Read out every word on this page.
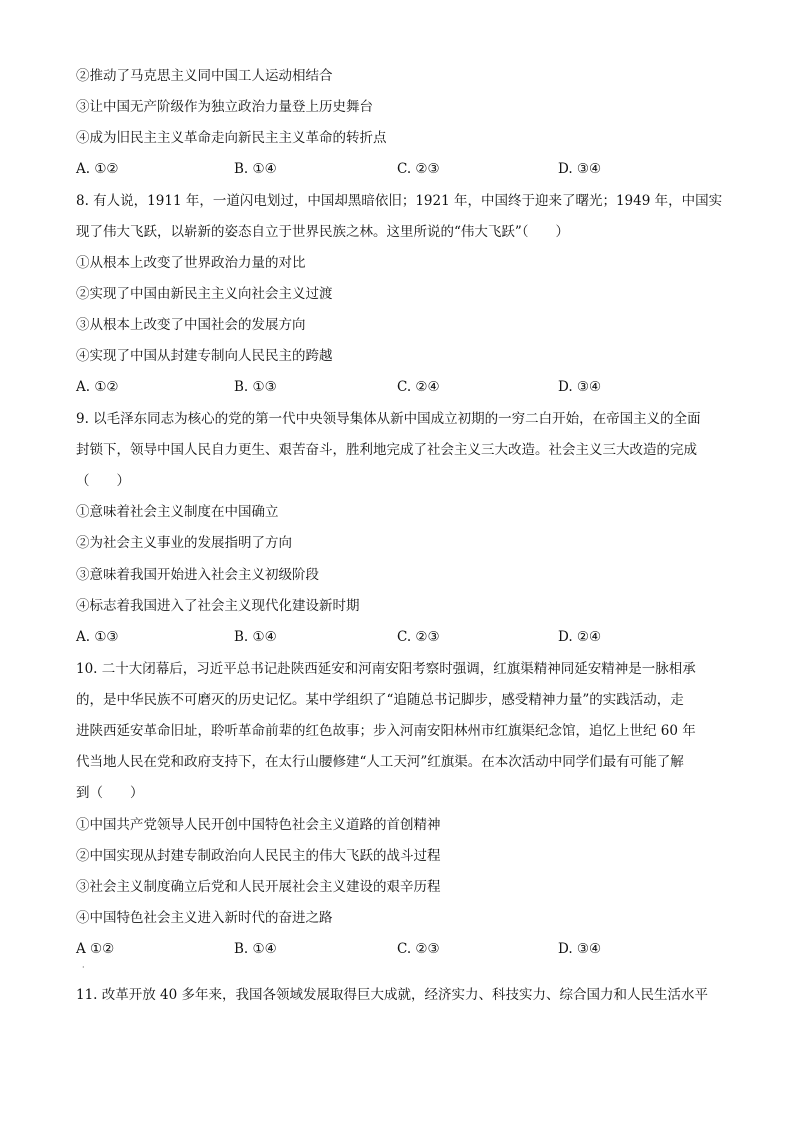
②推动了马克思主义同中国工人运动相结合
③让中国无产阶级作为独立政治力量登上历史舞台
④成为旧民主主义革命走向新民主主义革命的转折点
A. ①②	B. ①④	C. ②③	D. ③④
8. 有人说，1911 年，一道闪电划过，中国却黑暗依旧；1921 年，中国终于迎来了曙光；1949 年，中国实
现了伟大飞跃，以崭新的姿态自立于世界民族之林。这里所说的“伟大飞跃”（　　）
①从根本上改变了世界政治力量的对比
②实现了中国由新民主主义向社会主义过渡
③从根本上改变了中国社会的发展方向
④实现了中国从封建专制向人民民主的跨越
A. ①②	B. ①③	C. ②④	D. ③④
9. 以毛泽东同志为核心的党的第一代中央领导集体从新中国成立初期的一穷二白开始，在帝国主义的全面
封锁下，领导中国人民自力更生、艰苦奋斗，胜利地完成了社会主义三大改造。社会主义三大改造的完成
（　　）
①意味着社会主义制度在中国确立
②为社会主义事业的发展指明了方向
③意味着我国开始进入社会主义初级阶段
④标志着我国进入了社会主义现代化建设新时期
A. ①③	B. ①④	C. ②③	D. ②④
10. 二十大闭幕后，习近平总书记赴陕西延安和河南安阳考察时强调，红旗渠精神同延安精神是一脉相承
的，是中华民族不可磨灭的历史记忆。某中学组织了“追随总书记脚步，感受精神力量”的实践活动，走
进陕西延安革命旧址，聆听革命前辈的红色故事；步入河南安阳林州市红旗渠纪念馆，追忆上世纪 60 年
代当地人民在党和政府支持下，在太行山腰修建“人工天河”红旗渠。在本次活动中同学们最有可能了解
到（　　）
①中国共产党领导人民开创中国特色社会主义道路的首创精神
②中国实现从封建专制政治向人民民主的伟大飞跃的战斗过程
③社会主义制度确立后党和人民开展社会主义建设的艰辛历程
④中国特色社会主义进入新时代的奋进之路
A ①②	B. ①④	C. ②③	D. ③④
·
11. 改革开放 40 多年来，我国各领域发展取得巨大成就，经济实力、科技实力、综合国力和人民生活水平
